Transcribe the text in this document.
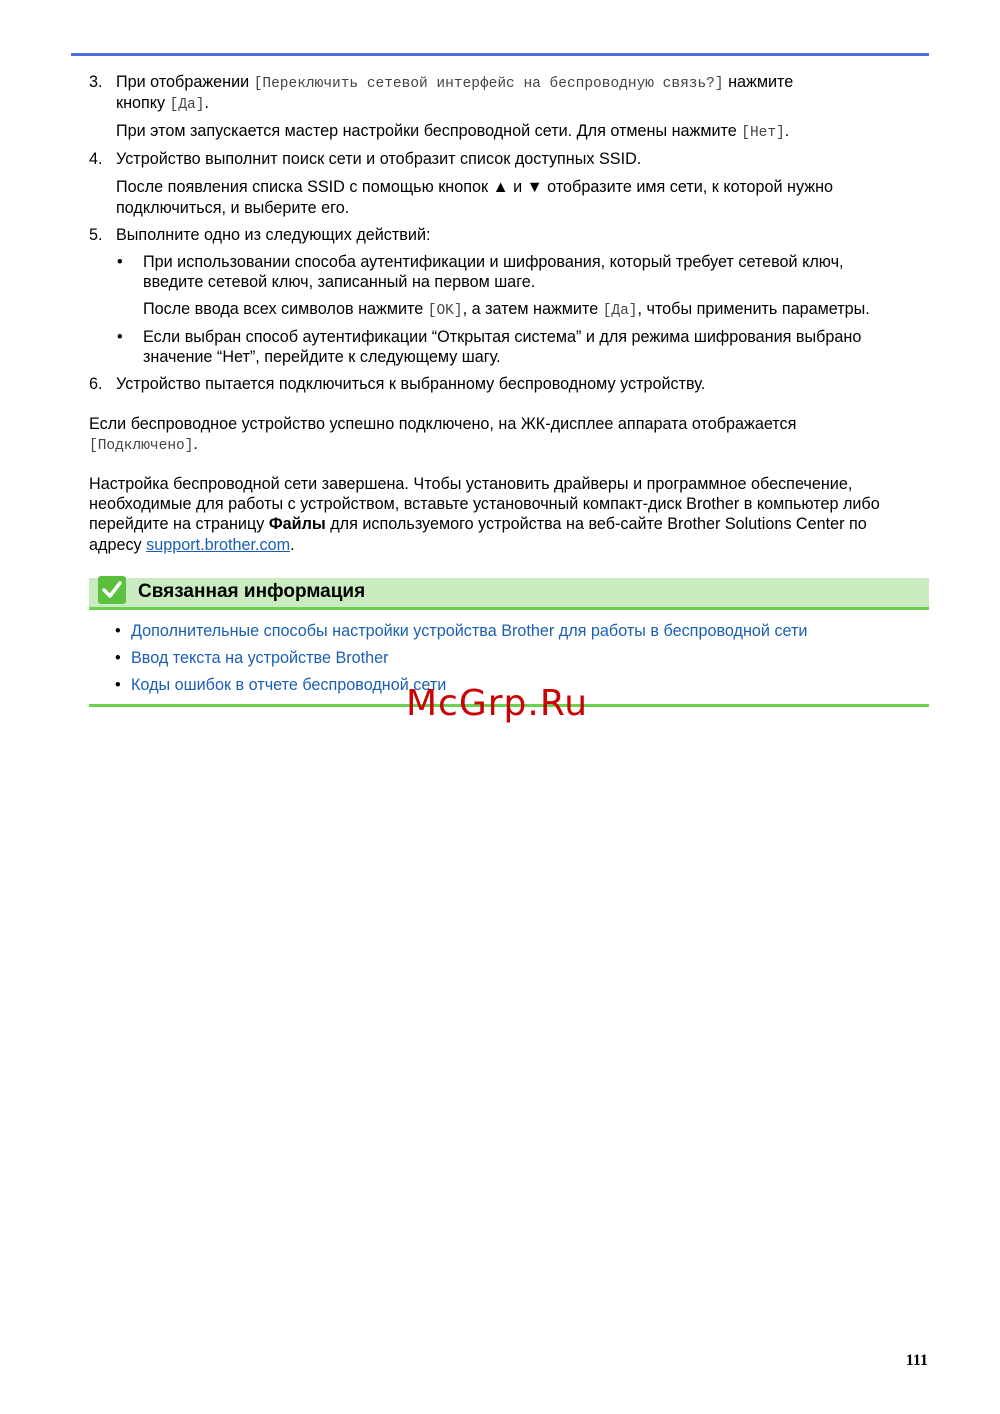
3. При отображении [Переключить сетевой интерфейс на беспроводную связь?] нажмите
кнопку [Да].
При этом запускается мастер настройки беспроводной сети. Для отмены нажмите [Нет].
4. Устройство выполнит поиск сети и отобразит список доступных SSID.
После появления списка SSID с помощью кнопок ▲ и ▼ отобразите имя сети, к которой нужно
подключиться, и выберите его.
5. Выполните одно из следующих действий:
• При использовании способа аутентификации и шифрования, который требует сетевой ключ,
введите сетевой ключ, записанный на первом шаге.
После ввода всех символов нажмите [OK], а затем нажмите [Да], чтобы применить параметры.
• Если выбран способ аутентификации “Открытая система” и для режима шифрования выбрано
значение “Нет”, перейдите к следующему шагу.
6. Устройство пытается подключиться к выбранному беспроводному устройству.
Если беспроводное устройство успешно подключено, на ЖК-дисплее аппарата отображается
[Подключено].
Настройка беспроводной сети завершена. Чтобы установить драйверы и программное обеспечение,
необходимые для работы с устройством, вставьте установочный компакт-диск Brother в компьютер либо
перейдите на страницу Файлы для используемого устройства на веб-сайте Brother Solutions Center по
адресу support.brother.com.
Связанная информация
• Дополнительные способы настройки устройства Brother для работы в беспроводной сети
• Ввод текста на устройстве Brother
• Коды ошибок в отчете беспроводной сети
McGrp.Ru
111
